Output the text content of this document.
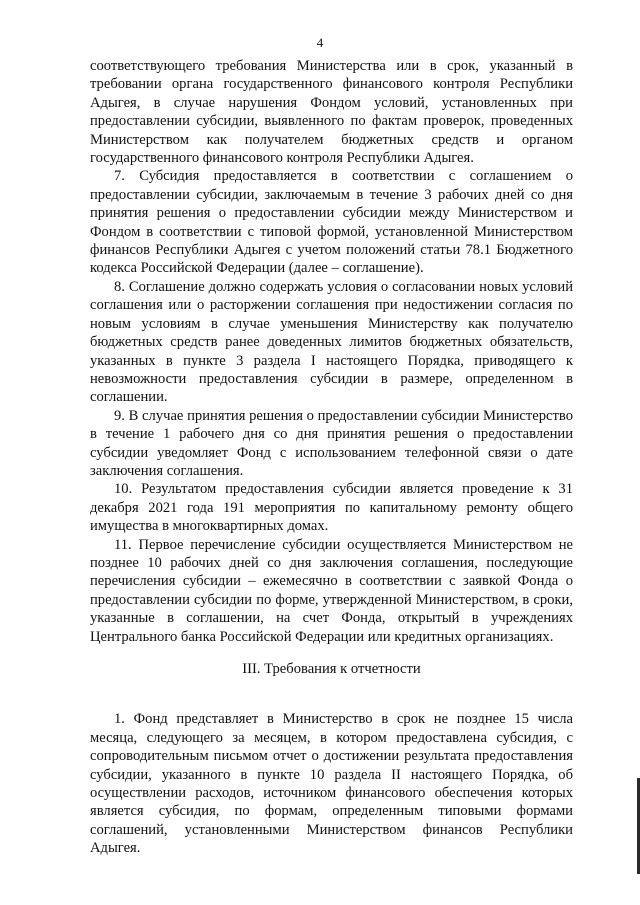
4

соответствующего требования Министерства или в срок, указанный в требовании органа государственного финансового контроля Республики Адыгея, в случае нарушения Фондом условий, установленных при предоставлении субсидии, выявленного по фактам проверок, проведенных Министерством как получателем бюджетных средств и органом государственного финансового контроля Республики Адыгея.

7. Субсидия предоставляется в соответствии с соглашением о предоставлении субсидии, заключаемым в течение 3 рабочих дней со дня принятия решения о предоставлении субсидии между Министерством и Фондом в соответствии с типовой формой, установленной Министерством финансов Республики Адыгея с учетом положений статьи 78.1 Бюджетного кодекса Российской Федерации (далее – соглашение).

8. Соглашение должно содержать условия о согласовании новых условий соглашения или о расторжении соглашения при недостижении согласия по новым условиям в случае уменьшения Министерству как получателю бюджетных средств ранее доведенных лимитов бюджетных обязательств, указанных в пункте 3 раздела I настоящего Порядка, приводящего к невозможности предоставления субсидии в размере, определенном в соглашении.

9. В случае принятия решения о предоставлении субсидии Министерство в течение 1 рабочего дня со дня принятия решения о предоставлении субсидии уведомляет Фонд с использованием телефонной связи о дате заключения соглашения.

10. Результатом предоставления субсидии является проведение к 31 декабря 2021 года 191 мероприятия по капитальному ремонту общего имущества в многоквартирных домах.

11. Первое перечисление субсидии осуществляется Министерством не позднее 10 рабочих дней со дня заключения соглашения, последующие перечисления субсидии – ежемесячно в соответствии с заявкой Фонда о предоставлении субсидии по форме, утвержденной Министерством, в сроки, указанные в соглашении, на счет Фонда, открытый в учреждениях Центрального банка Российской Федерации или кредитных организациях.

III. Требования к отчетности

1. Фонд представляет в Министерство в срок не позднее 15 числа месяца, следующего за месяцем, в котором предоставлена субсидия, с сопроводительным письмом отчет о достижении результата предоставления субсидии, указанного в пункте 10 раздела II настоящего Порядка, об осуществлении расходов, источником финансового обеспечения которых является субсидия, по формам, определенным типовыми формами соглашений, установленными Министерством финансов Республики Адыгея.
